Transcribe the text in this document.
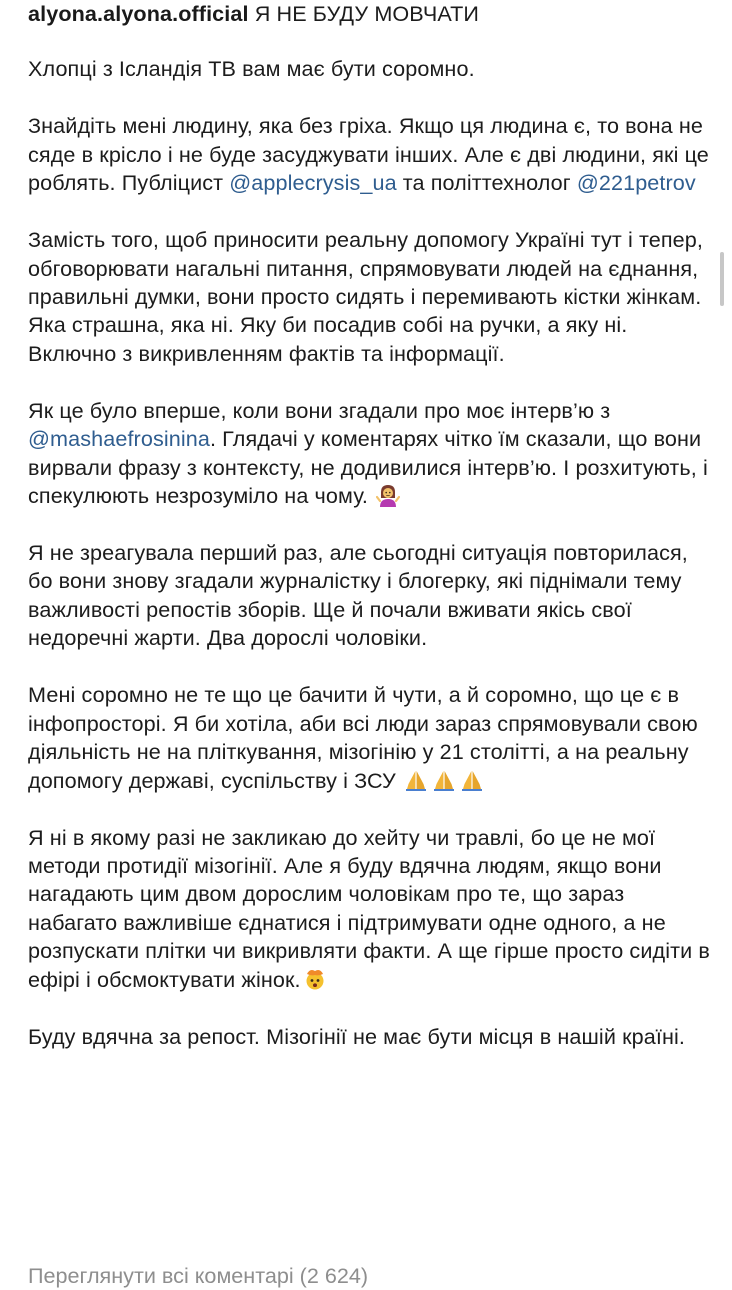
alyona.alyona.official Я НЕ БУДУ МОВЧАТИ

Хлопці з Ісландія ТВ вам має бути соромно.

Знайдіть мені людину, яка без гріха. Якщо ця людина є, то вона не сяде в крісло і не буде засуджувати інших. Але є дві людини, які це роблять. Публіцист @applecrysis_ua та політтехнолог @221petrov

Замість того, щоб приносити реальну допомогу Україні тут і тепер, обговорювати нагальні питання, спрямовувати людей на єднання, правильні думки, вони просто сидять і перемивають кістки жінкам. Яка страшна, яка ні. Яку би посадив собі на ручки, а яку ні. Включно з викривленням фактів та інформації.

Як це було вперше, коли вони згадали про моє інтерв’ю з @mashaefrosinina. Глядачі у коментарях чітко їм сказали, що вони вирвали фразу з контексту, не додивилися інтерв’ю. І розхитують, і спекулюють незрозуміло на чому.

Я не зреагувала перший раз, але сьогодні ситуація повторилася, бо вони знову згадали журналістку і блогерку, які піднімали тему важливості репостів зборів. Ще й почали вживати якісь свої недоречні жарти. Два дорослі чоловіки.

Мені соромно не те що це бачити й чути, а й соромно, що це є в інфопросторі. Я би хотіла, аби всі люди зараз спрямовували свою діяльність не на пліткування, мізогінію у 21 столітті, а на реальну допомогу державі, суспільству і ЗСУ

Я ні в якому разі не закликаю до хейту чи травлі, бо це не мої методи протидії мізогінії. Але я буду вдячна людям, якщо вони нагадають цим двом дорослим чоловікам про те, що зараз набагато важливіше єднатися і підтримувати одне одного, а не розпускати плітки чи викривляти факти. А ще гірше просто сидіти в ефірі і обсмоктувати жінок.

Буду вдячна за репост. Мізогінії не має бути місця в нашій країні.

Переглянути всі коментарі (2 624)
